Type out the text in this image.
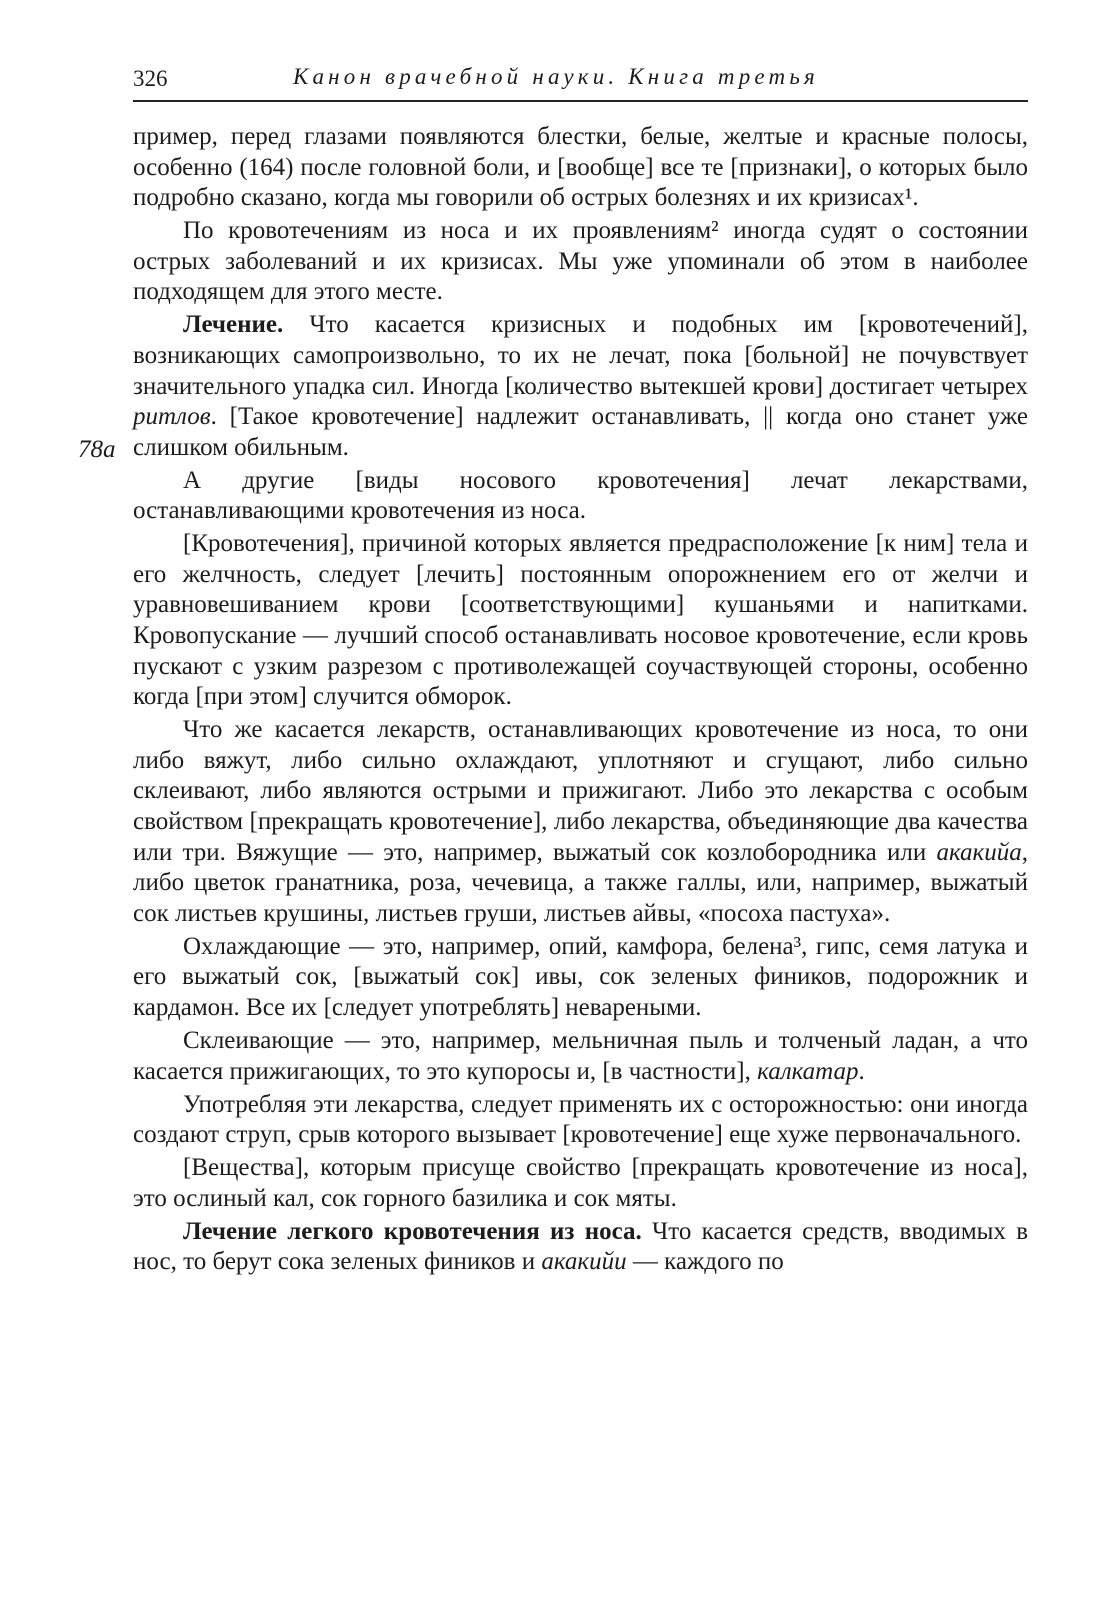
326	Канон врачебной науки. Книга третья
78а

пример, перед глазами появляются блестки, белые, желтые и красные полосы, особенно (164) после головной боли, и [вообще] все те [признаки], о которых было подробно сказано, когда мы говорили об острых болезнях и их кризисах¹.

По кровотечениям из носа и их проявлениям² иногда судят о состоянии острых заболеваний и их кризисах. Мы уже упоминали об этом в наиболее подходящем для этого месте.

Лечение. Что касается кризисных и подобных им [кровотечений], возникающих самопроизвольно, то их не лечат, пока [больной] не почувствует значительного упадка сил. Иногда [количество вытекшей крови] достигает четырех ритлов. [Такое кровотечение] надлежит останавливать, || когда оно станет уже слишком обильным.

А другие [виды носового кровотечения] лечат лекарствами, останавливающими кровотечения из носа.

[Кровотечения], причиной которых является предрасположение [к ним] тела и его желчность, следует [лечить] постоянным опорожнением его от желчи и уравновешиванием крови [соответствующими] кушаньями и напитками. Кровопускание — лучший способ останавливать носовое кровотечение, если кровь пускают с узким разрезом с противолежащей соучаствующей стороны, особенно когда [при этом] случится обморок.

Что же касается лекарств, останавливающих кровотечение из носа, то они либо вяжут, либо сильно охлаждают, уплотняют и сгущают, либо сильно склеивают, либо являются острыми и прижигают. Либо это лекарства с особым свойством [прекращать кровотечение], либо лекарства, объединяющие два качества или три. Вяжущие — это, например, выжатый сок козлобородника или акакийа, либо цветок гранатника, роза, чечевица, а также галлы, или, например, выжатый сок листьев крушины, листьев груши, листьев айвы, «посоха пастуха».

Охлаждающие — это, например, опий, камфора, белена³, гипс, семя латука и его выжатый сок, [выжатый сок] ивы, сок зеленых фиников, подорожник и кардамон. Все их [следует употреблять] невареными.

Склеивающие — это, например, мельничная пыль и толченый ладан, а что касается прижигающих, то это купоросы и, [в частности], калкатар.

Употребляя эти лекарства, следует применять их с осторожностью: они иногда создают струп, срыв которого вызывает [кровотечение] еще хуже первоначального.

[Вещества], которым присуще свойство [прекращать кровотечение из носа], это ослиный кал, сок горного базилика и сок мяты.

Лечение легкого кровотечения из носа. Что касается средств, вводимых в нос, то берут сока зеленых фиников и акакийи — каждого по
